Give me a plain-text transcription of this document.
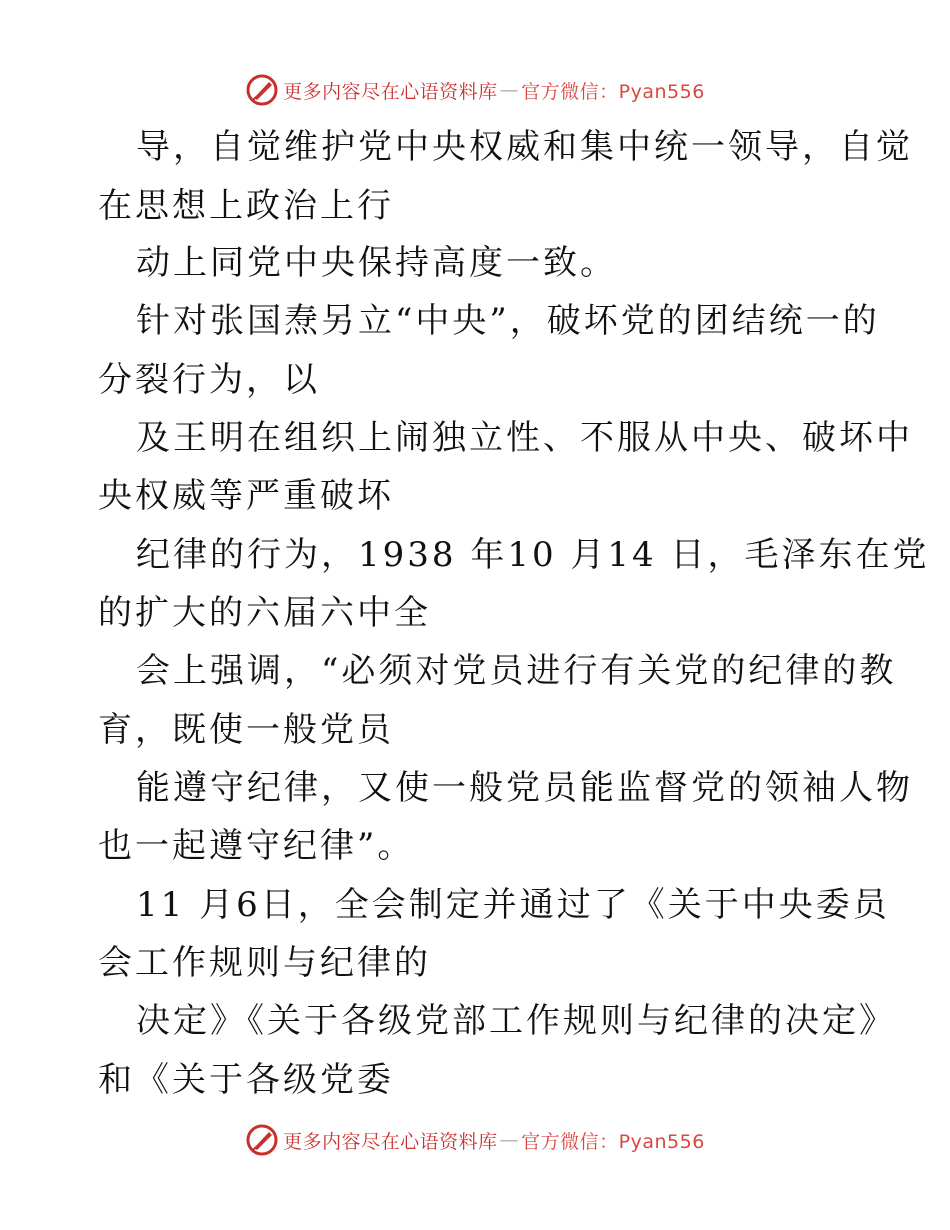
更多内容尽在心语资料库 — 官方微信：Pyan556

导，自觉维护党中央权威和集中统一领导，自觉

在思想上政治上行

动上同党中央保持高度一致。

针对张国焘另立“中央”，破坏党的团结统一的

分裂行为，以

及王明在组织上闹独立性、不服从中央、破坏中

央权威等严重破坏

纪律的行为，1938 年10 月14 日，毛泽东在党

的扩大的六届六中全

会上强调，“必须对党员进行有关党的纪律的教

育，既使一般党员

能遵守纪律，又使一般党员能监督党的领袖人物

也一起遵守纪律”。

11 月6日，全会制定并通过了《关于中央委员

会工作规则与纪律的

决定》《关于各级党部工作规则与纪律的决定》

和《关于各级党委

更多内容尽在心语资料库 — 官方微信：Pyan556
